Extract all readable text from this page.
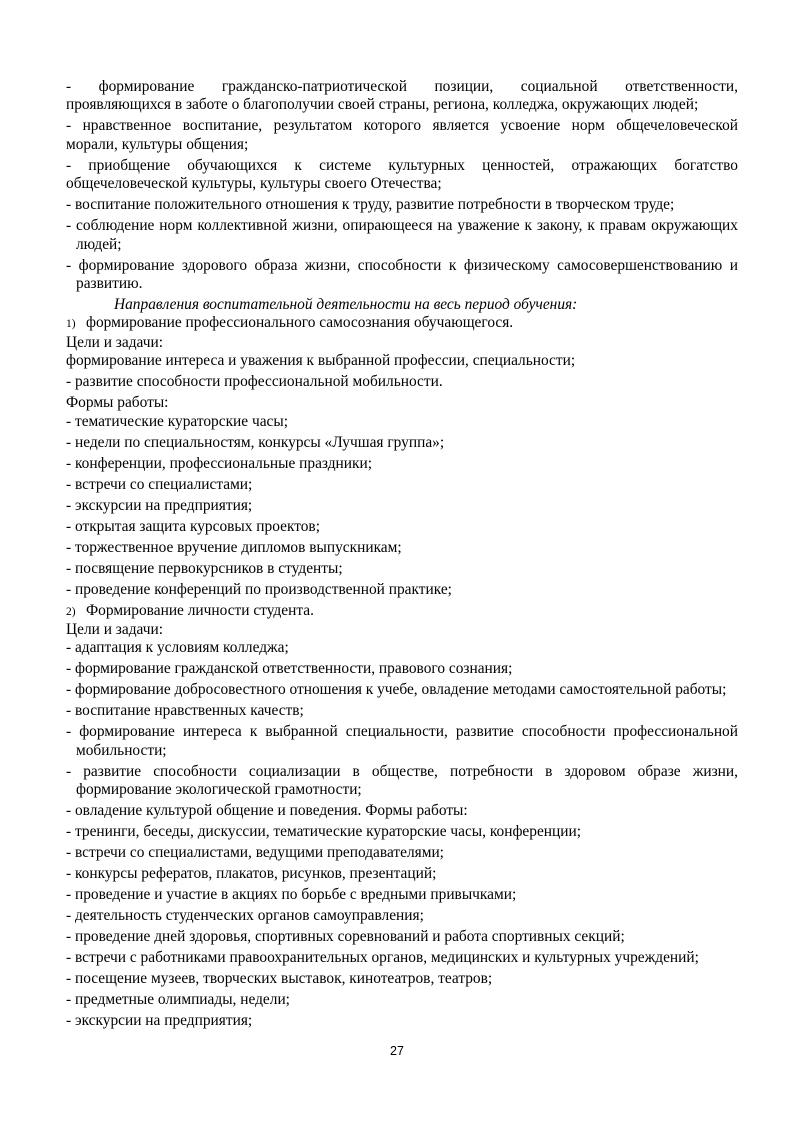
- формирование гражданско-патриотической позиции, социальной ответственности,
проявляющихся в заботе о благополучии своей страны, региона, колледжа, окружающих людей;
- нравственное воспитание, результатом которого является усвоение норм общечеловеческой
морали, культуры общения;
- приобщение обучающихся к системе культурных ценностей, отражающих богатство
общечеловеческой культуры, культуры своего Отечества;
- воспитание положительного отношения к труду, развитие потребности в творческом труде;
- соблюдение норм коллективной жизни, опирающееся на уважение к закону, к правам окружающих людей;
- формирование здорового образа жизни, способности к физическому самосовершенствованию и развитию.
Направления воспитательной деятельности на весь период обучения:
1) формирование профессионального самосознания обучающегося.
Цели и задачи:
формирование интереса и уважения к выбранной профессии, специальности;
- развитие способности профессиональной мобильности.
Формы работы:
- тематические кураторские часы;
- недели по специальностям, конкурсы «Лучшая группа»;
- конференции, профессиональные праздники;
- встречи со специалистами;
- экскурсии на предприятия;
- открытая защита курсовых проектов;
- торжественное вручение дипломов выпускникам;
- посвящение первокурсников в студенты;
- проведение конференций по производственной практике;
2) Формирование личности студента.
Цели и задачи:
- адаптация к условиям колледжа;
- формирование гражданской ответственности, правового сознания;
- формирование добросовестного отношения к учебе, овладение методами самостоятельной работы;
- воспитание нравственных качеств;
- формирование интереса к выбранной специальности, развитие способности профессиональной мобильности;
- развитие способности социализации в обществе, потребности в здоровом образе жизни, формирование экологической грамотности;
- овладение культурой общение и поведения. Формы работы:
- тренинги, беседы, дискуссии, тематические кураторские часы, конференции;
- встречи со специалистами, ведущими преподавателями;
- конкурсы рефератов, плакатов, рисунков, презентаций;
- проведение и участие в акциях по борьбе с вредными привычками;
- деятельность студенческих органов самоуправления;
- проведение дней здоровья, спортивных соревнований и работа спортивных секций;
- встречи с работниками правоохранительных органов, медицинских и культурных учреждений;
- посещение музеев, творческих выставок, кинотеатров, театров;
- предметные олимпиады, недели;
- экскурсии на предприятия;
27
